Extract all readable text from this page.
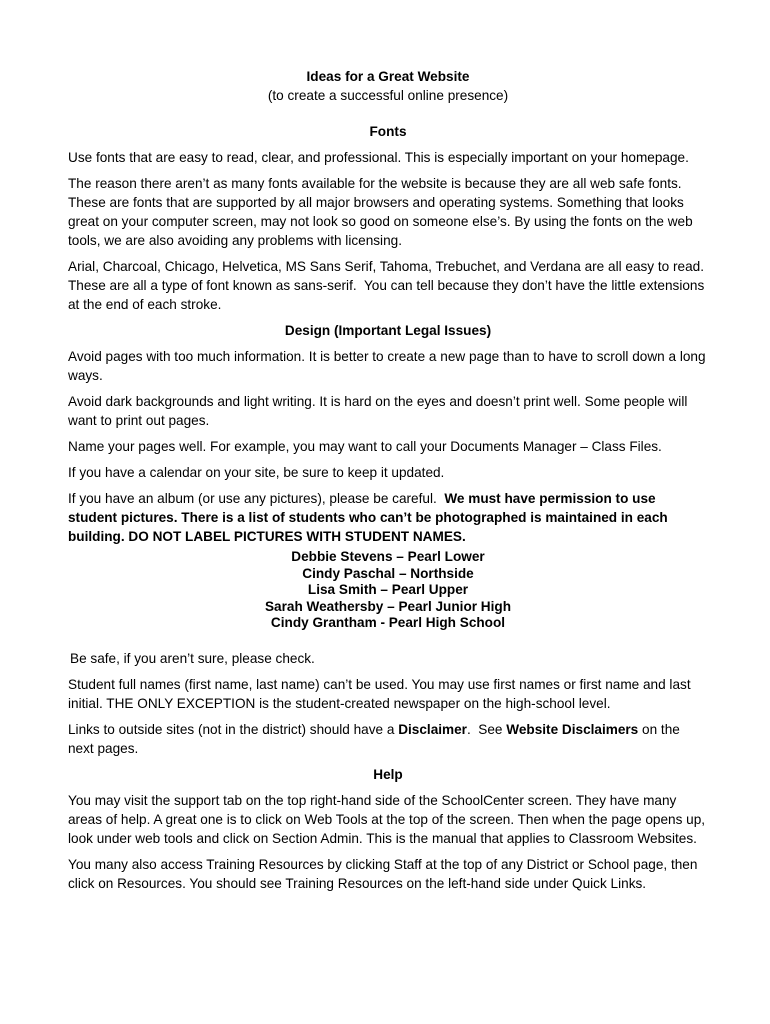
Ideas for a Great Website

(to create a successful online presence)

Fonts

Use fonts that are easy to read, clear, and professional. This is especially important on your homepage.

The reason there aren’t as many fonts available for the website is because they are all web safe fonts. These are fonts that are supported by all major browsers and operating systems. Something that looks great on your computer screen, may not look so good on someone else’s. By using the fonts on the web tools, we are also avoiding any problems with licensing.

Arial, Charcoal, Chicago, Helvetica, MS Sans Serif, Tahoma, Trebuchet, and Verdana are all easy to read.    These are all a type of font known as sans-serif.  You can tell because they don’t have the little extensions at the end of each stroke.

Design (Important Legal Issues)

Avoid pages with too much information. It is better to create a new page than to have to scroll down a long ways.

Avoid dark backgrounds and light writing. It is hard on the eyes and doesn’t print well. Some people will want to print out pages.

Name your pages well. For example, you may want to call your Documents Manager – Class Files.

If you have a calendar on your site, be sure to keep it updated.

If you have an album (or use any pictures), please be careful.  We must have permission to use student pictures. There is a list of students who can’t be photographed is maintained in each building. DO NOT LABEL PICTURES WITH STUDENT NAMES.

Debbie Stevens – Pearl Lower
Cindy Paschal – Northside
Lisa Smith – Pearl Upper
Sarah Weathersby – Pearl Junior High
Cindy Grantham - Pearl High School

Be safe, if you aren’t sure, please check.

Student full names (first name, last name) can’t be used. You may use first names or first name and last initial. THE ONLY EXCEPTION is the student-created newspaper on the high-school level.

Links to outside sites (not in the district) should have a Disclaimer.  See Website Disclaimers on the next pages.

Help

You may visit the support tab on the top right-hand side of the SchoolCenter screen. They have many areas of help. A great one is to click on Web Tools at the top of the screen. Then when the page opens up, look under web tools and click on Section Admin. This is the manual that applies to Classroom Websites.

You many also access Training Resources by clicking Staff at the top of any District or School page, then click on Resources. You should see Training Resources on the left-hand side under Quick Links.
